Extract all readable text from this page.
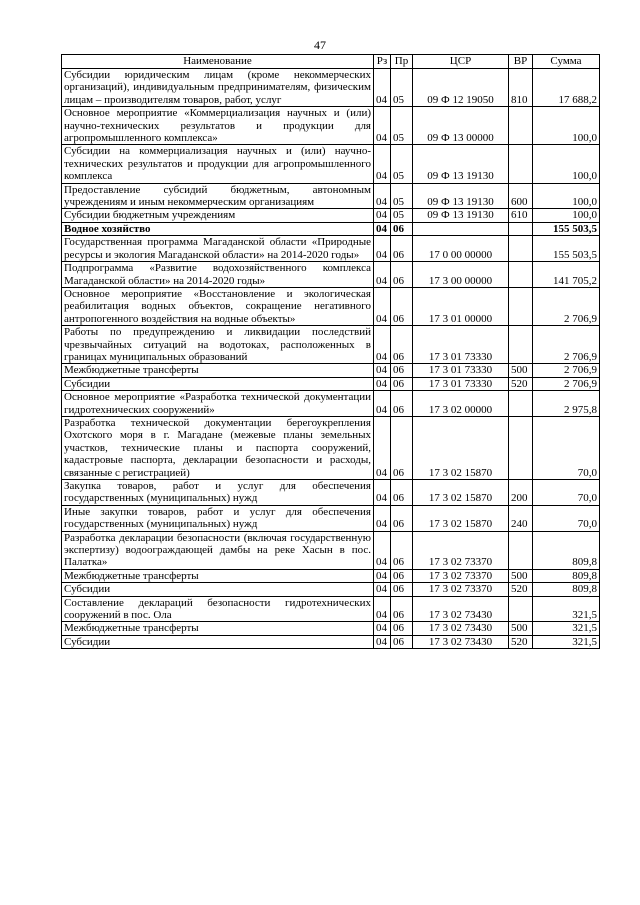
47
Наименование	Рз	Пр	ЦСР	ВР	Сумма
Субсидии юридическим лицам (кроме некоммерческих организаций), индивидуальным предпринимателям, физическим лицам – производителям товаров, работ, услуг	04	05	09 Ф 12 19050	810	17 688,2
Основное мероприятие «Коммерциализация научных и (или) научно-технических результатов и продукции для агропромышленного комплекса»	04	05	09 Ф 13 00000		100,0
Субсидии на коммерциализация научных и (или) научно-технических результатов и продукции для агропромышленного комплекса	04	05	09 Ф 13 19130		100,0
Предоставление субсидий бюджетным, автономным учреждениям и иным некоммерческим организациям	04	05	09 Ф 13 19130	600	100,0
Субсидии бюджетным учреждениям	04	05	09 Ф 13 19130	610	100,0
Водное хозяйство	04	06			155 503,5
Государственная программа Магаданской области «Природные ресурсы и экология Магаданской области» на 2014-2020 годы»	04	06	17 0 00 00000		155 503,5
Подпрограмма «Развитие водохозяйственного комплекса Магаданской области» на 2014-2020 годы»	04	06	17 3 00 00000		141 705,2
Основное мероприятие «Восстановление и экологическая реабилитация водных объектов, сокращение негативного антропогенного воздействия на водные объекты»	04	06	17 3 01 00000		2 706,9
Работы по предупреждению и ликвидации последствий чрезвычайных ситуаций на водотоках, расположенных в границах муниципальных образований	04	06	17 3 01 73330		2 706,9
Межбюджетные трансферты	04	06	17 3 01 73330	500	2 706,9
Субсидии	04	06	17 3 01 73330	520	2 706,9
Основное мероприятие «Разработка технической документации гидротехнических сооружений»	04	06	17 3 02 00000		2 975,8
Разработка технической документации берегоукрепления Охотского моря в г. Магадане (межевые планы земельных участков, технические планы и паспорта сооружений, кадастровые паспорта, декларации безопасности и расходы, связанные с регистрацией)	04	06	17 3 02 15870		70,0
Закупка товаров, работ и услуг для обеспечения государственных (муниципальных) нужд	04	06	17 3 02 15870	200	70,0
Иные закупки товаров, работ и услуг для обеспечения государственных (муниципальных) нужд	04	06	17 3 02 15870	240	70,0
Разработка декларации безопасности (включая государственную экспертизу) водоограждающей дамбы на реке Хасын в пос. Палатка»	04	06	17 3 02 73370		809,8
Межбюджетные трансферты	04	06	17 3 02 73370	500	809,8
Субсидии	04	06	17 3 02 73370	520	809,8
Составление деклараций безопасности гидротехнических сооружений в пос. Ола	04	06	17 3 02 73430		321,5
Межбюджетные трансферты	04	06	17 3 02 73430	500	321,5
Субсидии	04	06	17 3 02 73430	520	321,5
